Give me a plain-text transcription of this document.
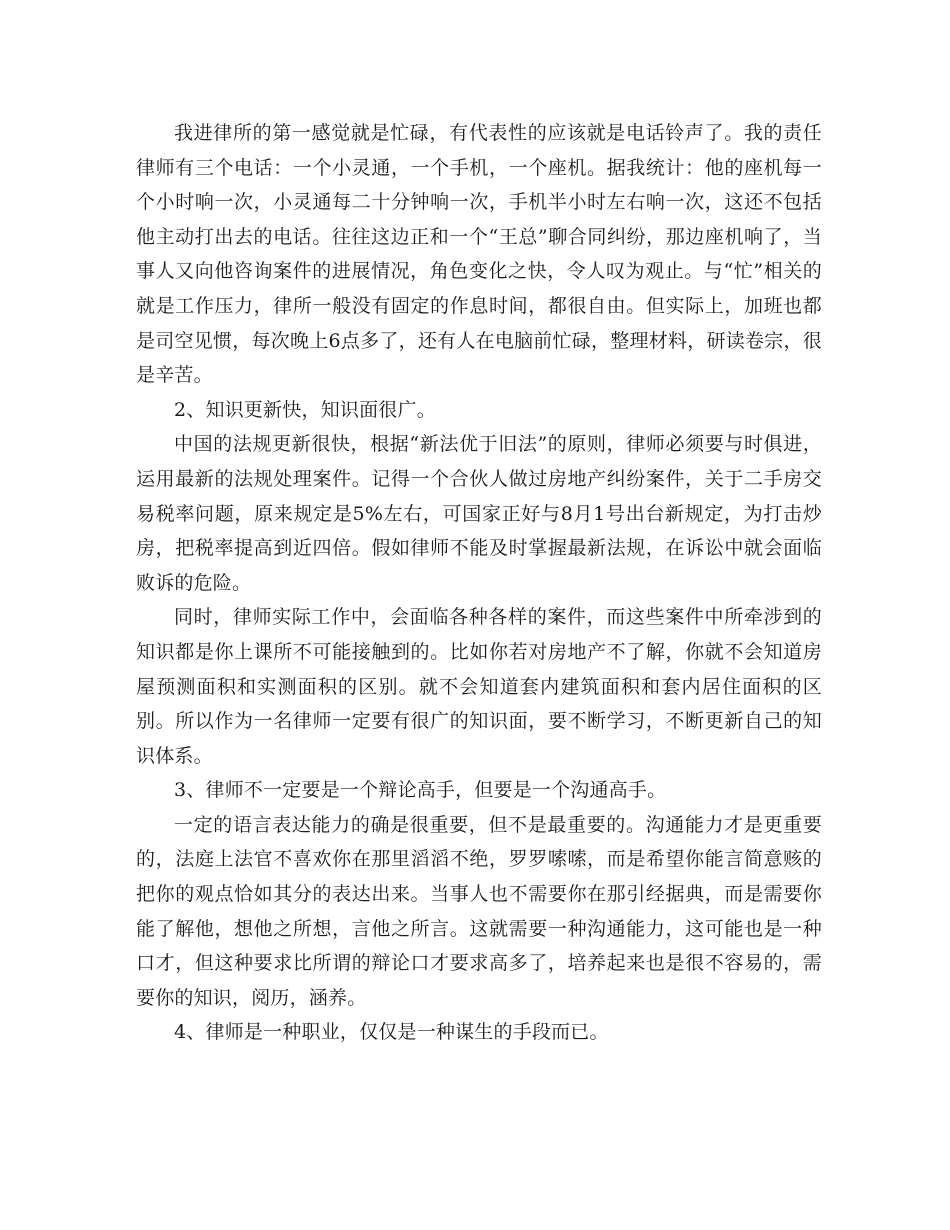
我进律所的第一感觉就是忙碌，有代表性的应该就是电话铃声了。我的责任律师有三个电话：一个小灵通，一个手机，一个座机。据我统计：他的座机每一个小时响一次，小灵通每二十分钟响一次，手机半小时左右响一次，这还不包括他主动打出去的电话。往往这边正和一个“王总”聊合同纠纷，那边座机响了，当事人又向他咨询案件的进展情况，角色变化之快，令人叹为观止。与“忙”相关的就是工作压力，律所一般没有固定的作息时间，都很自由。但实际上，加班也都是司空见惯，每次晚上6点多了，还有人在电脑前忙碌，整理材料，研读卷宗，很是辛苦。

2、知识更新快，知识面很广。

中国的法规更新很快，根据“新法优于旧法”的原则，律师必须要与时俱进，运用最新的法规处理案件。记得一个合伙人做过房地产纠纷案件，关于二手房交易税率问题，原来规定是5%左右，可国家正好与8月1号出台新规定，为打击炒房，把税率提高到近四倍。假如律师不能及时掌握最新法规，在诉讼中就会面临败诉的危险。

同时，律师实际工作中，会面临各种各样的案件，而这些案件中所牵涉到的知识都是你上课所不可能接触到的。比如你若对房地产不了解，你就不会知道房屋预测面积和实测面积的区别。就不会知道套内建筑面积和套内居住面积的区别。所以作为一名律师一定要有很广的知识面，要不断学习，不断更新自己的知识体系。

3、律师不一定要是一个辩论高手，但要是一个沟通高手。

一定的语言表达能力的确是很重要，但不是最重要的。沟通能力才是更重要的，法庭上法官不喜欢你在那里滔滔不绝，罗罗嗦嗦，而是希望你能言简意赅的把你的观点恰如其分的表达出来。当事人也不需要你在那引经据典，而是需要你能了解他，想他之所想，言他之所言。这就需要一种沟通能力，这可能也是一种口才，但这种要求比所谓的辩论口才要求高多了，培养起来也是很不容易的，需要你的知识，阅历，涵养。

4、律师是一种职业，仅仅是一种谋生的手段而已。
